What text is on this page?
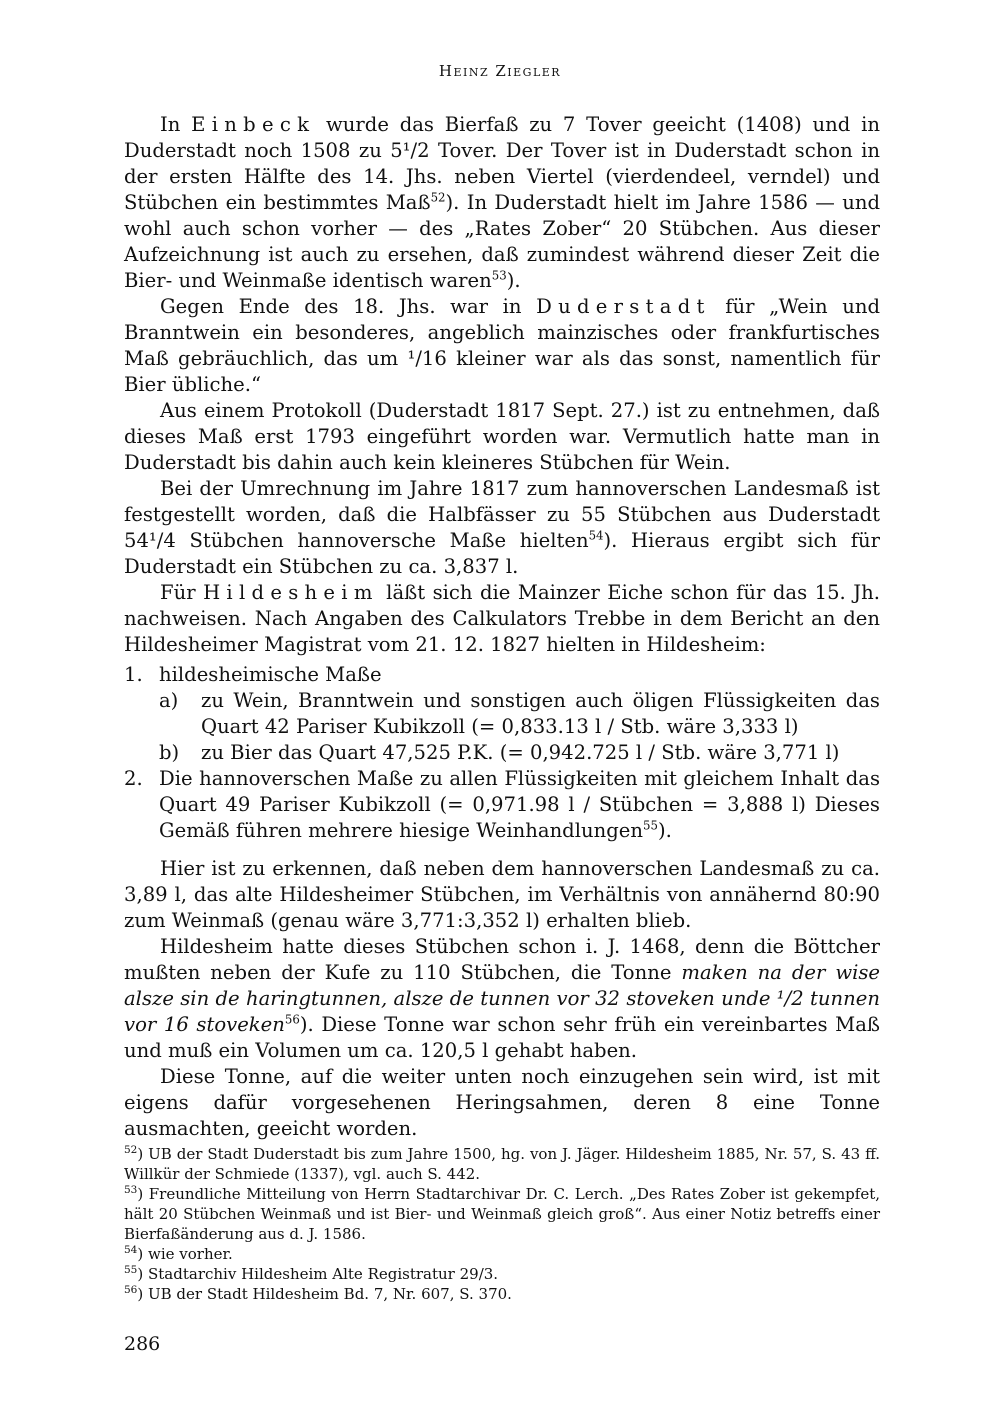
Heinz Ziegler

In Einbeck wurde das Bierfaß zu 7 Tover geeicht (1408) und in Duderstadt noch 1508 zu 5¹/2 Tover. Der Tover ist in Duderstadt schon in der ersten Hälfte des 14. Jhs. neben Viertel (vierdendeel, verndel) und Stübchen ein bestimmtes Maß$^{52}$). In Duderstadt hielt im Jahre 1586 — und wohl auch schon vorher — des „Rates Zober“ 20 Stübchen. Aus dieser Aufzeichnung ist auch zu ersehen, daß zumindest während dieser Zeit die Bier- und Weinmaße identisch waren$^{53}$).

Gegen Ende des 18. Jhs. war in Duderstadt für „Wein und Branntwein ein besonderes, angeblich mainzisches oder frankfurtisches Maß gebräuchlich, das um ¹/16 kleiner war als das sonst, namentlich für Bier übliche.“

Aus einem Protokoll (Duderstadt 1817 Sept. 27.) ist zu entnehmen, daß dieses Maß erst 1793 eingeführt worden war. Vermutlich hatte man in Duderstadt bis dahin auch kein kleineres Stübchen für Wein.

Bei der Umrechnung im Jahre 1817 zum hannoverschen Landesmaß ist festgestellt worden, daß die Halbfässer zu 55 Stübchen aus Duderstadt 54¹/4 Stübchen hannoversche Maße hielten$^{54}$). Hieraus ergibt sich für Duderstadt ein Stübchen zu ca. 3,837 l.

Für Hildesheim läßt sich die Mainzer Eiche schon für das 15. Jh. nachweisen. Nach Angaben des Calkulators Trebbe in dem Bericht an den Hildesheimer Magistrat vom 21. 12. 1827 hielten in Hildesheim:

1. hildesheimische Maße
a)	zu Wein, Branntwein und sonstigen auch öligen Flüssigkeiten das Quart 42 Pariser Kubikzoll (= 0,833.13 l / Stb. wäre 3,333 l)
b)	zu Bier das Quart 47,525 P.K. (= 0,942.725 l / Stb. wäre 3,771 l)
2. Die hannoverschen Maße zu allen Flüssigkeiten mit gleichem Inhalt das Quart 49 Pariser Kubikzoll (= 0,971.98 l / Stübchen = 3,888 l) Dieses Gemäß führen mehrere hiesige Weinhandlungen$^{55}$).

Hier ist zu erkennen, daß neben dem hannoverschen Landesmaß zu ca. 3,89 l, das alte Hildesheimer Stübchen, im Verhältnis von annähernd 80:90 zum Weinmaß (genau wäre 3,771:3,352 l) erhalten blieb.

Hildesheim hatte dieses Stübchen schon i. J. 1468, denn die Böttcher mußten neben der Kufe zu 110 Stübchen, die Tonne maken na der wise alsze sin de haringtunnen, alsze de tunnen vor 32 stoveken unde ¹/2 tunnen vor 16 stoveken$^{56}$). Diese Tonne war schon sehr früh ein vereinbartes Maß und muß ein Volumen um ca. 120,5 l gehabt haben.

Diese Tonne, auf die weiter unten noch einzugehen sein wird, ist mit eigens dafür vorgesehenen Heringsahmen, deren 8 eine Tonne ausmachten, geeicht worden.

$^{52}$) UB der Stadt Duderstadt bis zum Jahre 1500, hg. von J. Jäger. Hildesheim 1885, Nr. 57, S. 43 ff. Willkür der Schmiede (1337), vgl. auch S. 442.
$^{53}$) Freundliche Mitteilung von Herrn Stadtarchivar Dr. C. Lerch. „Des Rates Zober ist gekempfet, hält 20 Stübchen Weinmaß und ist Bier- und Weinmaß gleich groß“. Aus einer Notiz betreffs einer Bierfaßänderung aus d. J. 1586.
$^{54}$) wie vorher.
$^{55}$) Stadtarchiv Hildesheim Alte Registratur 29/3.
$^{56}$) UB der Stadt Hildesheim Bd. 7, Nr. 607, S. 370.
286
